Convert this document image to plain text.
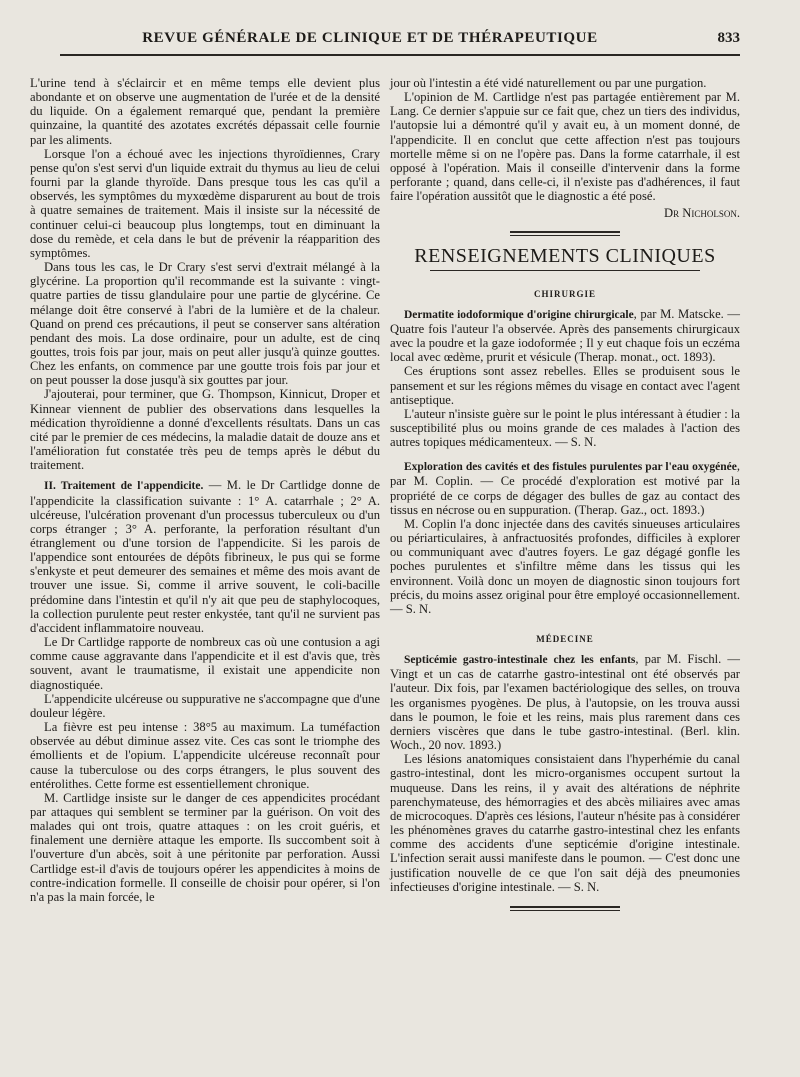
REVUE GÉNÉRALE DE CLINIQUE ET DE THÉRAPEUTIQUE	833

L'urine tend à s'éclaircir et en même temps elle devient plus abondante et on observe une augmentation de l'urée et de la densité du liquide. On a également remarqué que, pendant la première quinzaine, la quantité des azotates excrétés dépassait celle fournie par les aliments.

Lorsque l'on a échoué avec les injections thyroïdiennes, Crary pense qu'on s'est servi d'un liquide extrait du thymus au lieu de celui fourni par la glande thyroïde. Dans presque tous les cas qu'il a observés, les symptômes du myxœdème disparurent au bout de trois à quatre semaines de traitement. Mais il insiste sur la nécessité de continuer celui-ci beaucoup plus longtemps, tout en diminuant la dose du remède, et cela dans le but de prévenir la réapparition des symptômes.

Dans tous les cas, le Dr Crary s'est servi d'extrait mélangé à la glycérine. La proportion qu'il recommande est la suivante : vingt-quatre parties de tissu glandulaire pour une partie de glycérine. Ce mélange doit être conservé à l'abri de la lumière et de la chaleur. Quand on prend ces précautions, il peut se conserver sans altération pendant des mois. La dose ordinaire, pour un adulte, est de cinq gouttes, trois fois par jour, mais on peut aller jusqu'à quinze gouttes. Chez les enfants, on commence par une goutte trois fois par jour et on peut pousser la dose jusqu'à six gouttes par jour.

J'ajouterai, pour terminer, que G. Thompson, Kinnicut, Droper et Kinnear viennent de publier des observations dans lesquelles la médication thyroïdienne a donné d'excellents résultats. Dans un cas cité par le premier de ces médecins, la maladie datait de douze ans et l'amélioration fut constatée très peu de temps après le début du traitement.

II. Traitement de l'appendicite. — M. le Dr Cartlidge donne de l'appendicite la classification suivante : 1° A. catarrhale ; 2° A. ulcéreuse, l'ulcération provenant d'un processus tuberculeux ou d'un corps étranger ; 3° A. perforante, la perforation résultant d'un étranglement ou d'une torsion de l'appendicite. Si les parois de l'appendice sont entourées de dépôts fibrineux, le pus qui se forme s'enkyste et peut demeurer des semaines et même des mois avant de trouver une issue. Si, comme il arrive souvent, le coli-bacille prédomine dans l'intestin et qu'il n'y ait que peu de staphylocoques, la collection purulente peut rester enkystée, tant qu'il ne survient pas d'accident inflammatoire nouveau.

Le Dr Cartlidge rapporte de nombreux cas où une contusion a agi comme cause aggravante dans l'appendicite et il est d'avis que, très souvent, avant le traumatisme, il existait une appendicite non diagnostiquée.

L'appendicite ulcéreuse ou suppurative ne s'accompagne que d'une douleur légère.

La fièvre est peu intense : 38°5 au maximum. La tuméfaction observée au début diminue assez vite. Ces cas sont le triomphe des émollients et de l'opium. L'appendicite ulcéreuse reconnaît pour cause la tuberculose ou des corps étrangers, le plus souvent des entérolithes. Cette forme est essentiellement chronique.

M. Cartlidge insiste sur le danger de ces appendicites procédant par attaques qui semblent se terminer par la guérison. On voit des malades qui ont trois, quatre attaques : on les croit guéris, et finalement une dernière attaque les emporte. Ils succombent soit à l'ouverture d'un abcès, soit à une péritonite par perforation. Aussi Cartlidge est-il d'avis de toujours opérer les appendicites à moins de contre-indication formelle. Il conseille de choisir pour opérer, si l'on n'a pas la main forcée, le

jour où l'intestin a été vidé naturellement ou par une purgation.

L'opinion de M. Cartlidge n'est pas partagée entièrement par M. Lang. Ce dernier s'appuie sur ce fait que, chez un tiers des individus, l'autopsie lui a démontré qu'il y avait eu, à un moment donné, de l'appendicite. Il en conclut que cette affection n'est pas toujours mortelle même si on ne l'opère pas. Dans la forme catarrhale, il est opposé à l'opération. Mais il conseille d'intervenir dans la forme perforante ; quand, dans celle-ci, il n'existe pas d'adhérences, il faut faire l'opération aussitôt que le diagnostic a été posé.

Dr Nicholson.
RENSEIGNEMENTS CLINIQUES
CHIRURGIE

Dermatite iodoformique d'origine chirurgicale, par M. Matscke. — Quatre fois l'auteur l'a observée. Après des pansements chirurgicaux avec la poudre et la gaze iodoformée ; Il y eut chaque fois un eczéma local avec œdème, prurit et vésicule (Therap. monat., oct. 1893).

Ces éruptions sont assez rebelles. Elles se produisent sous le pansement et sur les régions mêmes du visage en contact avec l'agent antiseptique.

L'auteur n'insiste guère sur le point le plus intéressant à étudier : la susceptibilité plus ou moins grande de ces malades à l'action des autres topiques médicamenteux. — S. N.

Exploration des cavités et des fistules purulentes par l'eau oxygénée, par M. Coplin. — Ce procédé d'exploration est motivé par la propriété de ce corps de dégager des bulles de gaz au contact des tissus en nécrose ou en suppuration. (Therap. Gaz., oct. 1893.)

M. Coplin l'a donc injectée dans des cavités sinueuses articulaires ou périarticulaires, à anfractuosités profondes, difficiles à explorer ou communiquant avec d'autres foyers. Le gaz dégagé gonfle les poches purulentes et s'infiltre même dans les tissus qui les environnent. Voilà donc un moyen de diagnostic sinon toujours fort précis, du moins assez original pour être employé occasionnellement. — S. N.

MÉDECINE

Septicémie gastro-intestinale chez les enfants, par M. Fischl. — Vingt et un cas de catarrhe gastro-intestinal ont été observés par l'auteur. Dix fois, par l'examen bactériologique des selles, on trouva les organismes pyogènes. De plus, à l'autopsie, on les trouva aussi dans le poumon, le foie et les reins, mais plus rarement dans ces derniers viscères que dans le tube gastro-intestinal. (Berl. klin. Woch., 20 nov. 1893.)

Les lésions anatomiques consistaient dans l'hyperhémie du canal gastro-intestinal, dont les micro-organismes occupent surtout la muqueuse. Dans les reins, il y avait des altérations de néphrite parenchymateuse, des hémorragies et des abcès miliaires avec amas de microcoques. D'après ces lésions, l'auteur n'hésite pas à considérer les phénomènes graves du catarrhe gastro-intestinal chez les enfants comme des accidents d'une septicémie d'origine intestinale. L'infection serait aussi manifeste dans le poumon. — C'est donc une justification nouvelle de ce que l'on sait déjà des pneumonies infectieuses d'origine intestinale. — S. N.
